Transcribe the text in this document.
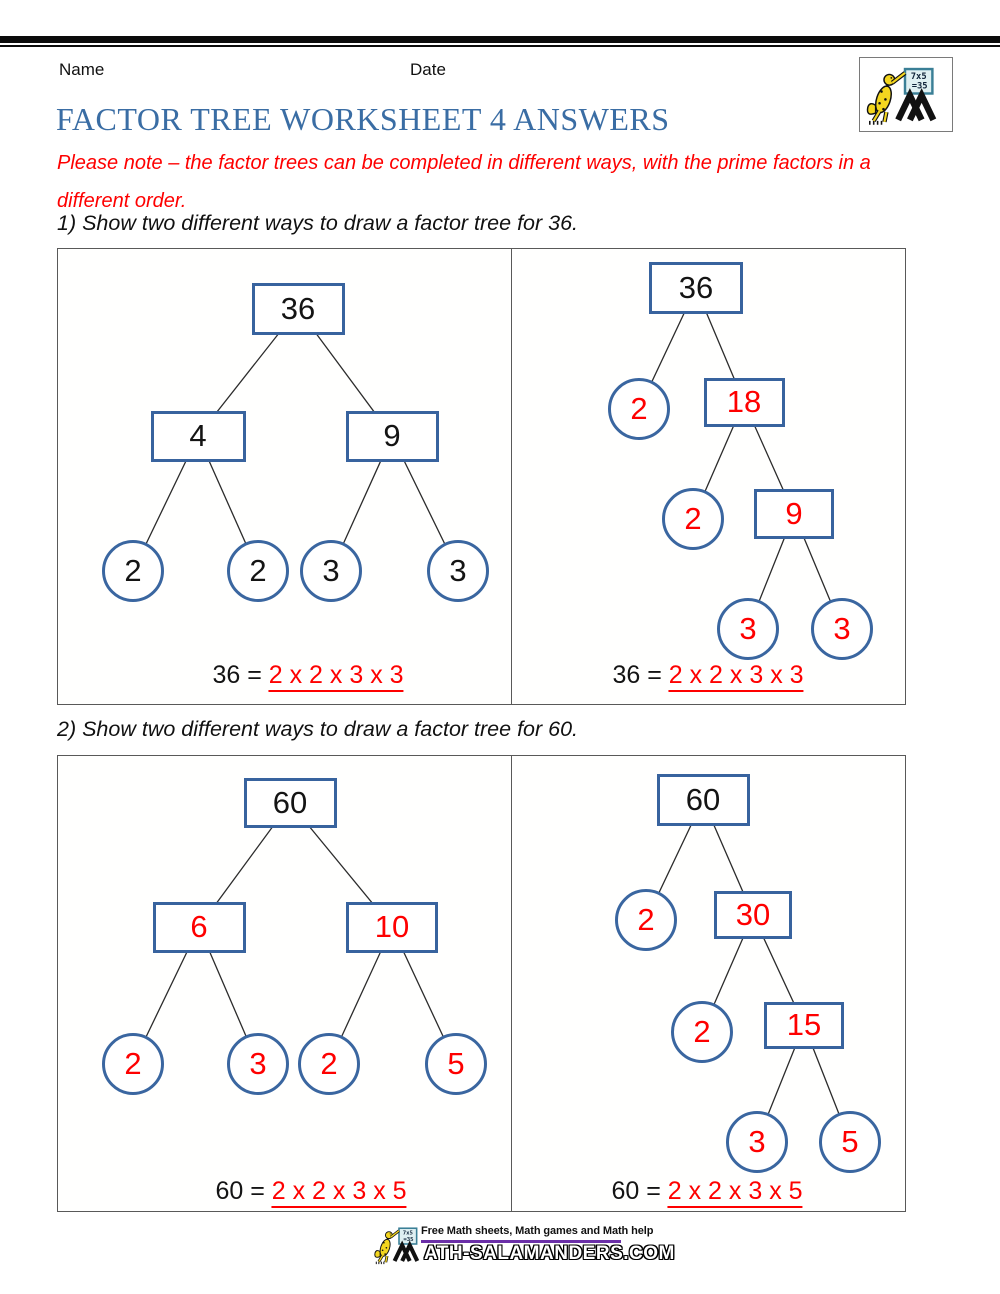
Name	Date
FACTOR TREE WORKSHEET 4 ANSWERS
Please note – the factor trees can be completed in different ways, with the prime factors in a different order.
1) Show two different ways to draw a factor tree for 36.
36
4	9
2	2	3	3
36 = 2 x 2 x 3 x 3
36
2	18
2	9
3	3
36 = 2 x 2 x 3 x 3
2) Show two different ways to draw a factor tree for 60.
60
6	10
2	3	2	5
60 = 2 x 2 x 3 x 5
60
2	30
2	15
3	5
60 = 2 x 2 x 3 x 5
Free Math sheets, Math games and Math help
ATH-SALAMANDERS.COM
